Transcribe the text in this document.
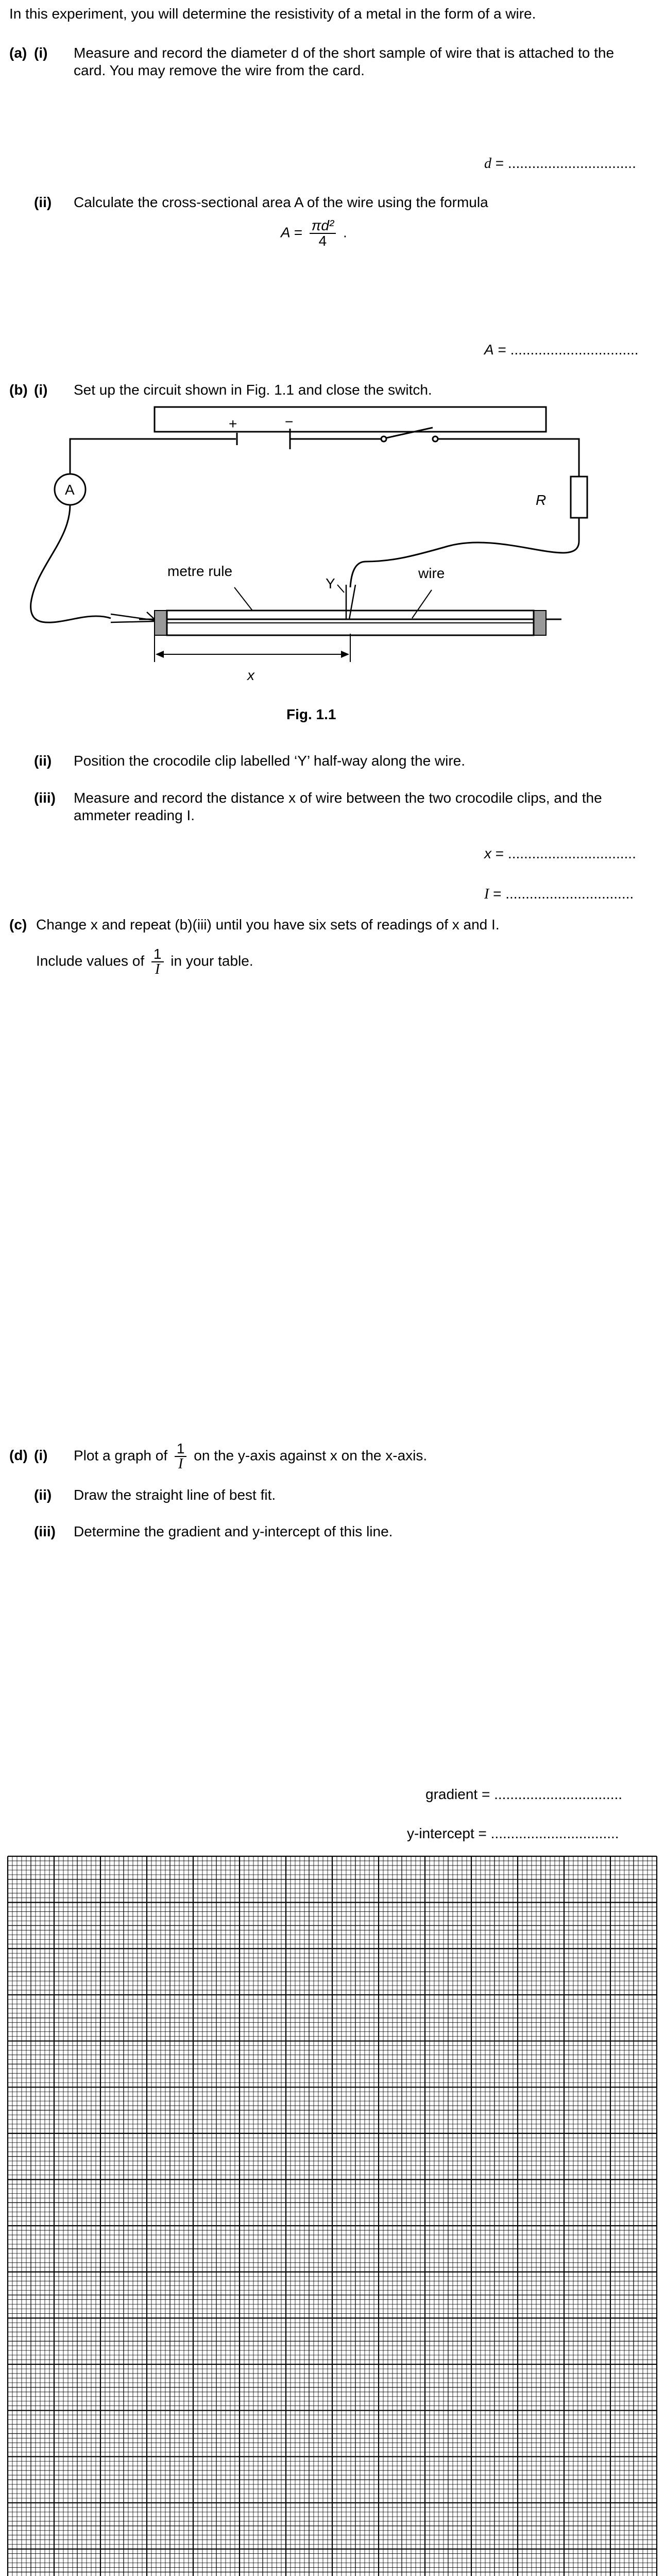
In this experiment, you will determine the resistivity of a metal in the form of a wire.
(a) (i) Measure and record the diameter d of the short sample of wire that is attached to the
card. You may remove the wire from the card.
d = ................................
(ii) Calculate the cross-sectional area A of the wire using the formula
$A = \frac{\text{πd²}}{4}$ .
A = ................................
(b) (i) Set up the circuit shown in Fig. 1.1 and close the switch.
+	−
A
R
metre rule
Y
wire
x
Fig. 1.1
(ii) Position the crocodile clip labelled ‘Y’ half-way along the wire.
(iii) Measure and record the distance x of wire between the two crocodile clips, and the
ammeter reading I.
x = ................................
I = ................................
(c) Change x and repeat (b)(iii) until you have six sets of readings of x and I.
Include values of $\frac{1}{I}$ in your table.
(d) (i) Plot a graph of $\frac{1}{I}$ on the y-axis against x on the x-axis.
(ii) Draw the straight line of best fit.
(iii) Determine the gradient and y-intercept of this line.
gradient = ................................
y-intercept = ................................
